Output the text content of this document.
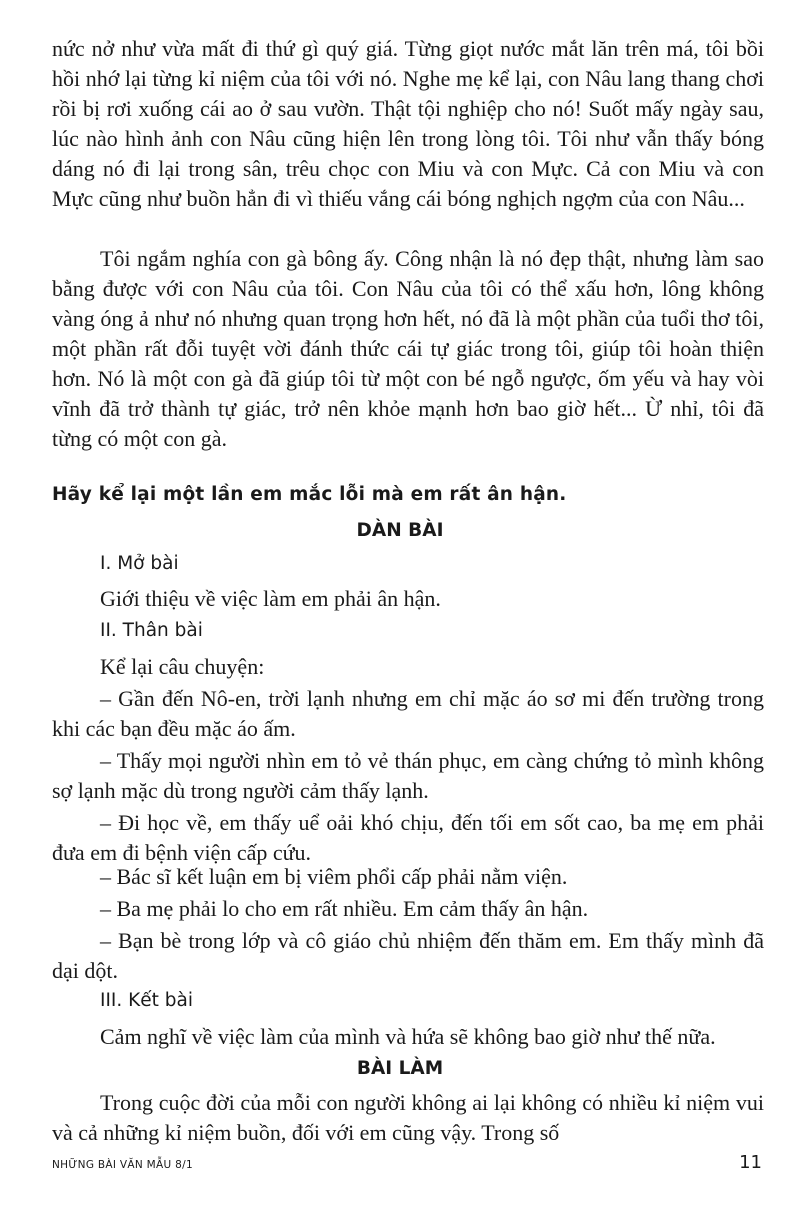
nức nở như vừa mất đi thứ gì quý giá. Từng giọt nước mắt lăn trên má, tôi bồi hồi nhớ lại từng kỉ niệm của tôi với nó. Nghe mẹ kể lại, con Nâu lang thang chơi rồi bị rơi xuống cái ao ở sau vườn. Thật tội nghiệp cho nó! Suốt mấy ngày sau, lúc nào hình ảnh con Nâu cũng hiện lên trong lòng tôi. Tôi như vẫn thấy bóng dáng nó đi lại trong sân, trêu chọc con Miu và con Mực. Cả con Miu và con Mực cũng như buồn hẳn đi vì thiếu vắng cái bóng nghịch ngợm của con Nâu...

Tôi ngắm nghía con gà bông ấy. Công nhận là nó đẹp thật, nhưng làm sao bằng được với con Nâu của tôi. Con Nâu của tôi có thể xấu hơn, lông không vàng óng ả như nó nhưng quan trọng hơn hết, nó đã là một phần của tuổi thơ tôi, một phần rất đỗi tuyệt vời đánh thức cái tự giác trong tôi, giúp tôi hoàn thiện hơn. Nó là một con gà đã giúp tôi từ một con bé ngỗ ngược, ốm yếu và hay vòi vĩnh đã trở thành tự giác, trở nên khỏe mạnh hơn bao giờ hết... Ừ nhỉ, tôi đã từng có một con gà.

Hãy kể lại một lần em mắc lỗi mà em rất ân hận.

DÀN BÀI

I. Mở bài

Giới thiệu về việc làm em phải ân hận.

II. Thân bài

Kể lại câu chuyện:

– Gần đến Nô-en, trời lạnh nhưng em chỉ mặc áo sơ mi đến trường trong khi các bạn đều mặc áo ấm.

– Thấy mọi người nhìn em tỏ vẻ thán phục, em càng chứng tỏ mình không sợ lạnh mặc dù trong người cảm thấy lạnh.

– Đi học về, em thấy uể oải khó chịu, đến tối em sốt cao, ba mẹ em phải đưa em đi bệnh viện cấp cứu.

– Bác sĩ kết luận em bị viêm phổi cấp phải nằm viện.

– Ba mẹ phải lo cho em rất nhiều. Em cảm thấy ân hận.

– Bạn bè trong lớp và cô giáo chủ nhiệm đến thăm em. Em thấy mình đã dại dột.

III. Kết bài

Cảm nghĩ về việc làm của mình và hứa sẽ không bao giờ như thế nữa.

BÀI LÀM

Trong cuộc đời của mỗi con người không ai lại không có nhiều kỉ niệm vui và cả những kỉ niệm buồn, đối với em cũng vậy. Trong số

NHỮNG BÀI VĂN MẪU 8/1	11
